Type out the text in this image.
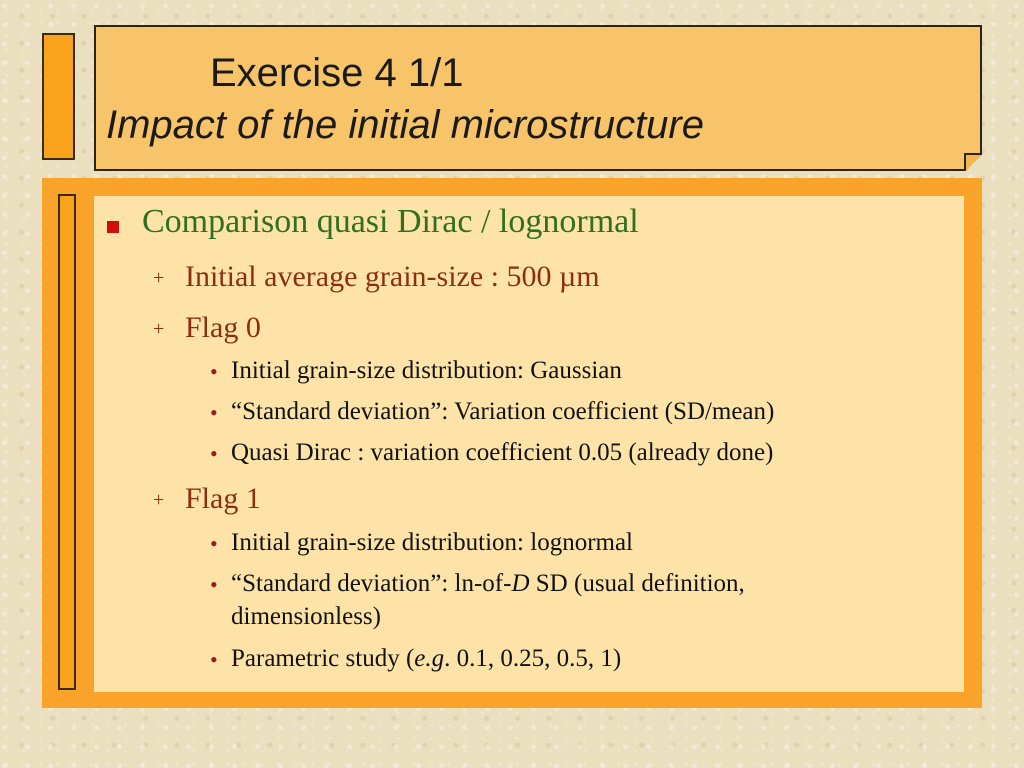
Exercise 4 1/1
Impact of the initial microstructure
Comparison quasi Dirac / lognormal
+ Initial average grain-size : 500 µm
+ Flag 0
• Initial grain-size distribution: Gaussian
• “Standard deviation”: Variation coefficient (SD/mean)
• Quasi Dirac : variation coefficient 0.05 (already done)
+ Flag 1
• Initial grain-size distribution: lognormal
• “Standard deviation”: ln-of-D SD (usual definition,
dimensionless)
• Parametric study (e.g. 0.1, 0.25, 0.5, 1)
